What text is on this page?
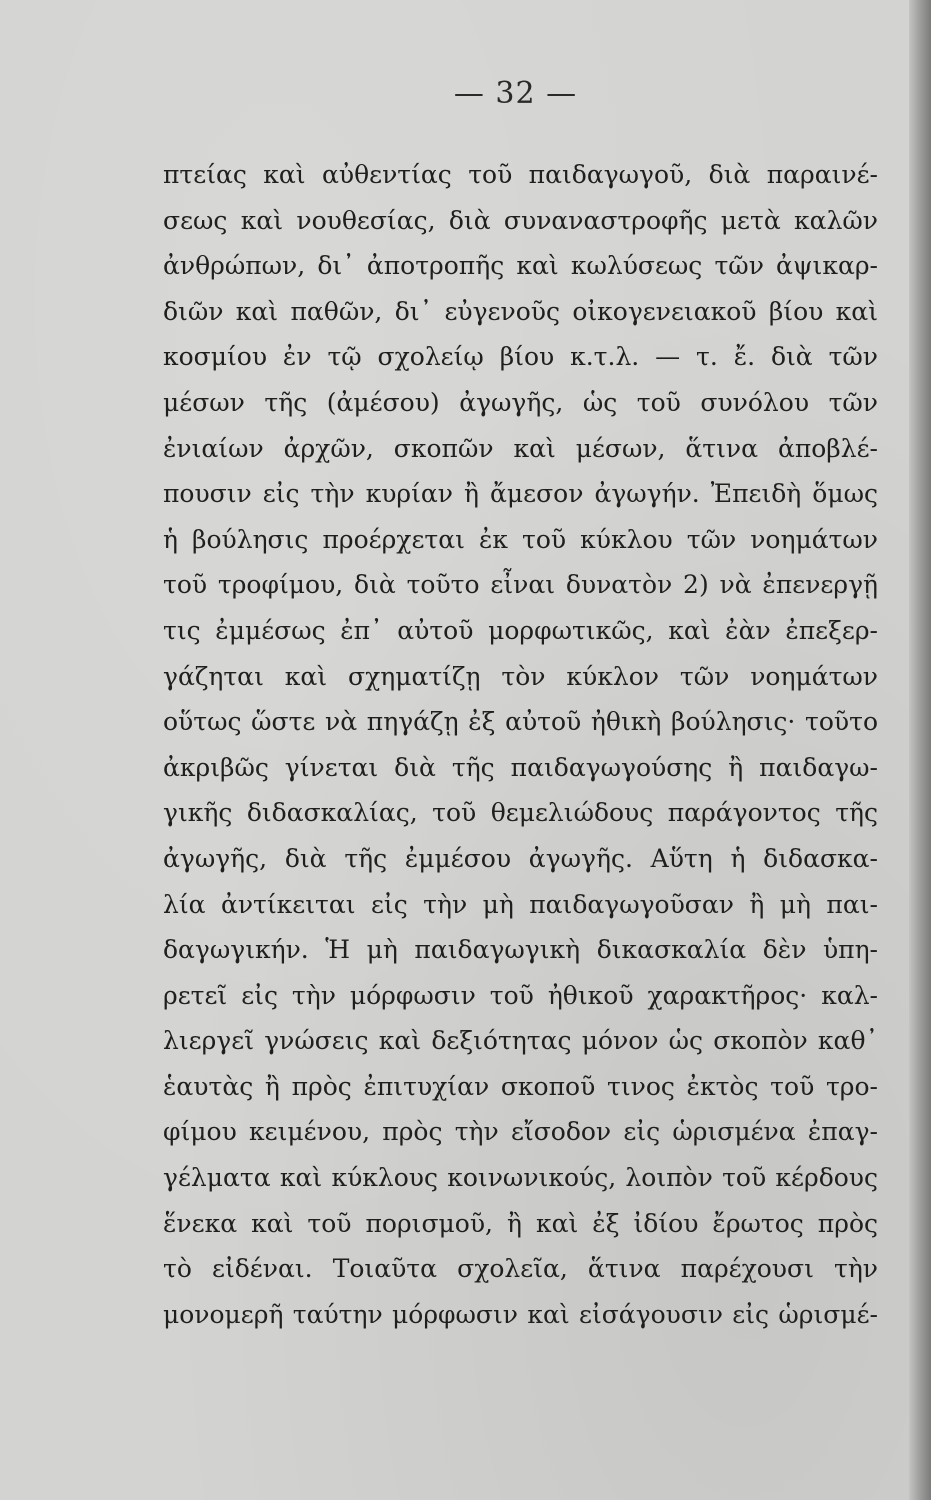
— 32 —
πτείας καὶ αὐθεντίας τοῦ παιδαγωγοῦ, διὰ παραινέ-
σεως καὶ νουθεσίας, διὰ συναναστροφῆς μετὰ καλῶν
ἀνθρώπων, δι᾿ ἀποτροπῆς καὶ κωλύσεως τῶν ἀψικαρ-
διῶν καὶ παθῶν, δι᾿ εὐγενοῦς οἰκογενειακοῦ βίου καὶ
κοσμίου ἐν τῷ σχολείῳ βίου κ.τ.λ. — τ. ἔ. διὰ τῶν
μέσων τῆς (ἀμέσου) ἀγωγῆς, ὡς τοῦ συνόλου τῶν
ἐνιαίων ἀρχῶν, σκοπῶν καὶ μέσων, ἅτινα ἀποβλέ-
πουσιν εἰς τὴν κυρίαν ἢ ἄμεσον ἀγωγήν. Ἐπειδὴ ὅμως
ἡ βούλησις προέρχεται ἐκ τοῦ κύκλου τῶν νοημάτων
τοῦ τροφίμου, διὰ τοῦτο εἶναι δυνατὸν 2) νὰ ἐπενεργῇ
τις ἐμμέσως ἐπ᾿ αὐτοῦ μορφωτικῶς, καὶ ἐὰν ἐπεξερ-
γάζηται καὶ σχηματίζῃ τὸν κύκλον τῶν νοημάτων
οὕτως ὥστε νὰ πηγάζῃ ἐξ αὐτοῦ ἠθικὴ βούλησις· τοῦτο
ἀκριβῶς γίνεται διὰ τῆς παιδαγωγούσης ἢ παιδαγω-
γικῆς διδασκαλίας, τοῦ θεμελιώδους παράγοντος τῆς
ἀγωγῆς, διὰ τῆς ἐμμέσου ἀγωγῆς. Αὕτη ἡ διδασκα-
λία ἀντίκειται εἰς τὴν μὴ παιδαγωγοῦσαν ἢ μὴ παι-
δαγωγικήν. Ἡ μὴ παιδαγωγικὴ δικασκαλία δὲν ὑπη-
ρετεῖ εἰς τὴν μόρφωσιν τοῦ ἠθικοῦ χαρακτῆρος· καλ-
λιεργεῖ γνώσεις καὶ δεξιότητας μόνον ὡς σκοπὸν καθ᾿
ἑαυτὰς ἢ πρὸς ἐπιτυχίαν σκοποῦ τινος ἐκτὸς τοῦ τρο-
φίμου κειμένου, πρὸς τὴν εἴσοδον εἰς ὡρισμένα ἐπαγ-
γέλματα καὶ κύκλους κοινωνικούς, λοιπὸν τοῦ κέρδους
ἕνεκα καὶ τοῦ πορισμοῦ, ἢ καὶ ἐξ ἰδίου ἔρωτος πρὸς
τὸ εἰδέναι. Τοιαῦτα σχολεῖα, ἅτινα παρέχουσι τὴν
μονομερῆ ταύτην μόρφωσιν καὶ εἰσάγουσιν εἰς ὡρισμέ-
